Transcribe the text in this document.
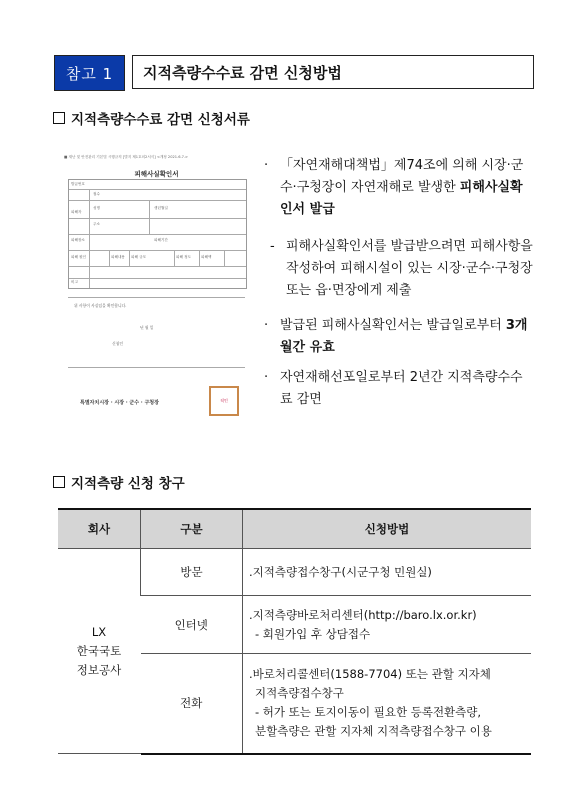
참고 1	지적측량수수료 감면 신청방법
지적측량수수료 감면 신청서류
■ 재난 및 안전관리 기본법 시행규칙 [별지 제1호의2서식] <개정 2021.6.7.>
피해사실확인서
발급번호
접수
성명	생년월일
피해자
주소
피해장소	피해기간
피해 원인	피해내용 피해 규모	피해 정도	피해액
비고
위 사항이 사실임을 확인합니다.
년 월 일
신청인
특별자치시장 · 시장 · 군수 · 구청장	직인
· 「자연재해대책법」제74조에 의해 시장·군수·구청장이 자연재해로 발생한 피해사실확인서 발급
- 피해사실확인서를 발급받으려면 피해사항을 작성하여 피해시설이 있는 시장·군수·구청장 또는 읍·면장에게 제출
· 발급된 피해사실확인서는 발급일로부터 3개월간 유효
· 자연재해선포일로부터 2년간 지적측량수수료 감면
지적측량 신청 창구
회사	구분	신청방법

LX
한국국토
정보공사	방문	.지적측량접수창구(시군구청 민원실)

	인터넷	.지적측량바로처리센터(http://baro.lx.or.kr)
- 회원가입 후 상담접수

	전화	.바로처리콜센터(1588-7704) 또는 관할 지자체
지적측량접수창구
- 허가 또는 토지이동이 필요한 등록전환측량,
분할측량은 관할 지자체 지적측량접수창구 이용
